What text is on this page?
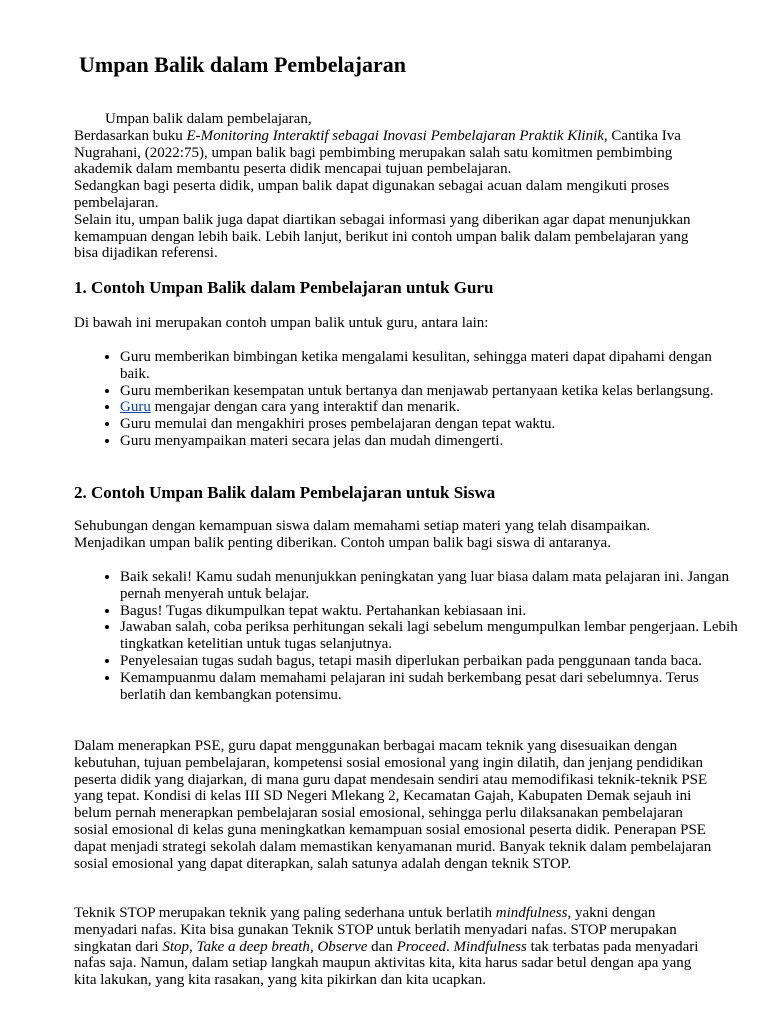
Umpan Balik dalam Pembelajaran
Umpan balik dalam pembelajaran,
Berdasarkan buku E-Monitoring Interaktif sebagai Inovasi Pembelajaran Praktik Klinik, Cantika Iva Nugrahani, (2022:75), umpan balik bagi pembimbing merupakan salah satu komitmen pembimbing akademik dalam membantu peserta didik mencapai tujuan pembelajaran.
Sedangkan bagi peserta didik, umpan balik dapat digunakan sebagai acuan dalam mengikuti proses pembelajaran.
Selain itu, umpan balik juga dapat diartikan sebagai informasi yang diberikan agar dapat menunjukkan kemampuan dengan lebih baik. Lebih lanjut, berikut ini contoh umpan balik dalam pembelajaran yang bisa dijadikan referensi.
1. Contoh Umpan Balik dalam Pembelajaran untuk Guru

Di bawah ini merupakan contoh umpan balik untuk guru, antara lain:

• Guru memberikan bimbingan ketika mengalami kesulitan, sehingga materi dapat dipahami dengan baik.
• Guru memberikan kesempatan untuk bertanya dan menjawab pertanyaan ketika kelas berlangsung.
• Guru mengajar dengan cara yang interaktif dan menarik.
• Guru memulai dan mengakhiri proses pembelajaran dengan tepat waktu.
• Guru menyampaikan materi secara jelas dan mudah dimengerti.
2. Contoh Umpan Balik dalam Pembelajaran untuk Siswa

Sehubungan dengan kemampuan siswa dalam memahami setiap materi yang telah disampaikan. Menjadikan umpan balik penting diberikan. Contoh umpan balik bagi siswa di antaranya.

• Baik sekali! Kamu sudah menunjukkan peningkatan yang luar biasa dalam mata pelajaran ini. Jangan pernah menyerah untuk belajar.
• Bagus! Tugas dikumpulkan tepat waktu. Pertahankan kebiasaan ini.
• Jawaban salah, coba periksa perhitungan sekali lagi sebelum mengumpulkan lembar pengerjaan. Lebih tingkatkan ketelitian untuk tugas selanjutnya.
• Penyelesaian tugas sudah bagus, tetapi masih diperlukan perbaikan pada penggunaan tanda baca.
• Kemampuanmu dalam memahami pelajaran ini sudah berkembang pesat dari sebelumnya. Terus berlatih dan kembangkan potensimu.

Dalam menerapkan PSE, guru dapat menggunakan berbagai macam teknik yang disesuaikan dengan kebutuhan, tujuan pembelajaran, kompetensi sosial emosional yang ingin dilatih, dan jenjang pendidikan peserta didik yang diajarkan, di mana guru dapat mendesain sendiri atau memodifikasi teknik-teknik PSE yang tepat. Kondisi di kelas III SD Negeri Mlekang 2, Kecamatan Gajah, Kabupaten Demak sejauh ini belum pernah menerapkan pembelajaran sosial emosional, sehingga perlu dilaksanakan pembelajaran sosial emosional di kelas guna meningkatkan kemampuan sosial emosional peserta didik. Penerapan PSE dapat menjadi strategi sekolah dalam memastikan kenyamanan murid. Banyak teknik dalam pembelajaran sosial emosional yang dapat diterapkan, salah satunya adalah dengan teknik STOP.

Teknik STOP merupakan teknik yang paling sederhana untuk berlatih mindfulness, yakni dengan menyadari nafas. Kita bisa gunakan Teknik STOP untuk berlatih menyadari nafas. STOP merupakan singkatan dari Stop, Take a deep breath, Observe dan Proceed. Mindfulness tak terbatas pada menyadari nafas saja. Namun, dalam setiap langkah maupun aktivitas kita, kita harus sadar betul dengan apa yang kita lakukan, yang kita rasakan, yang kita pikirkan dan kita ucapkan.
